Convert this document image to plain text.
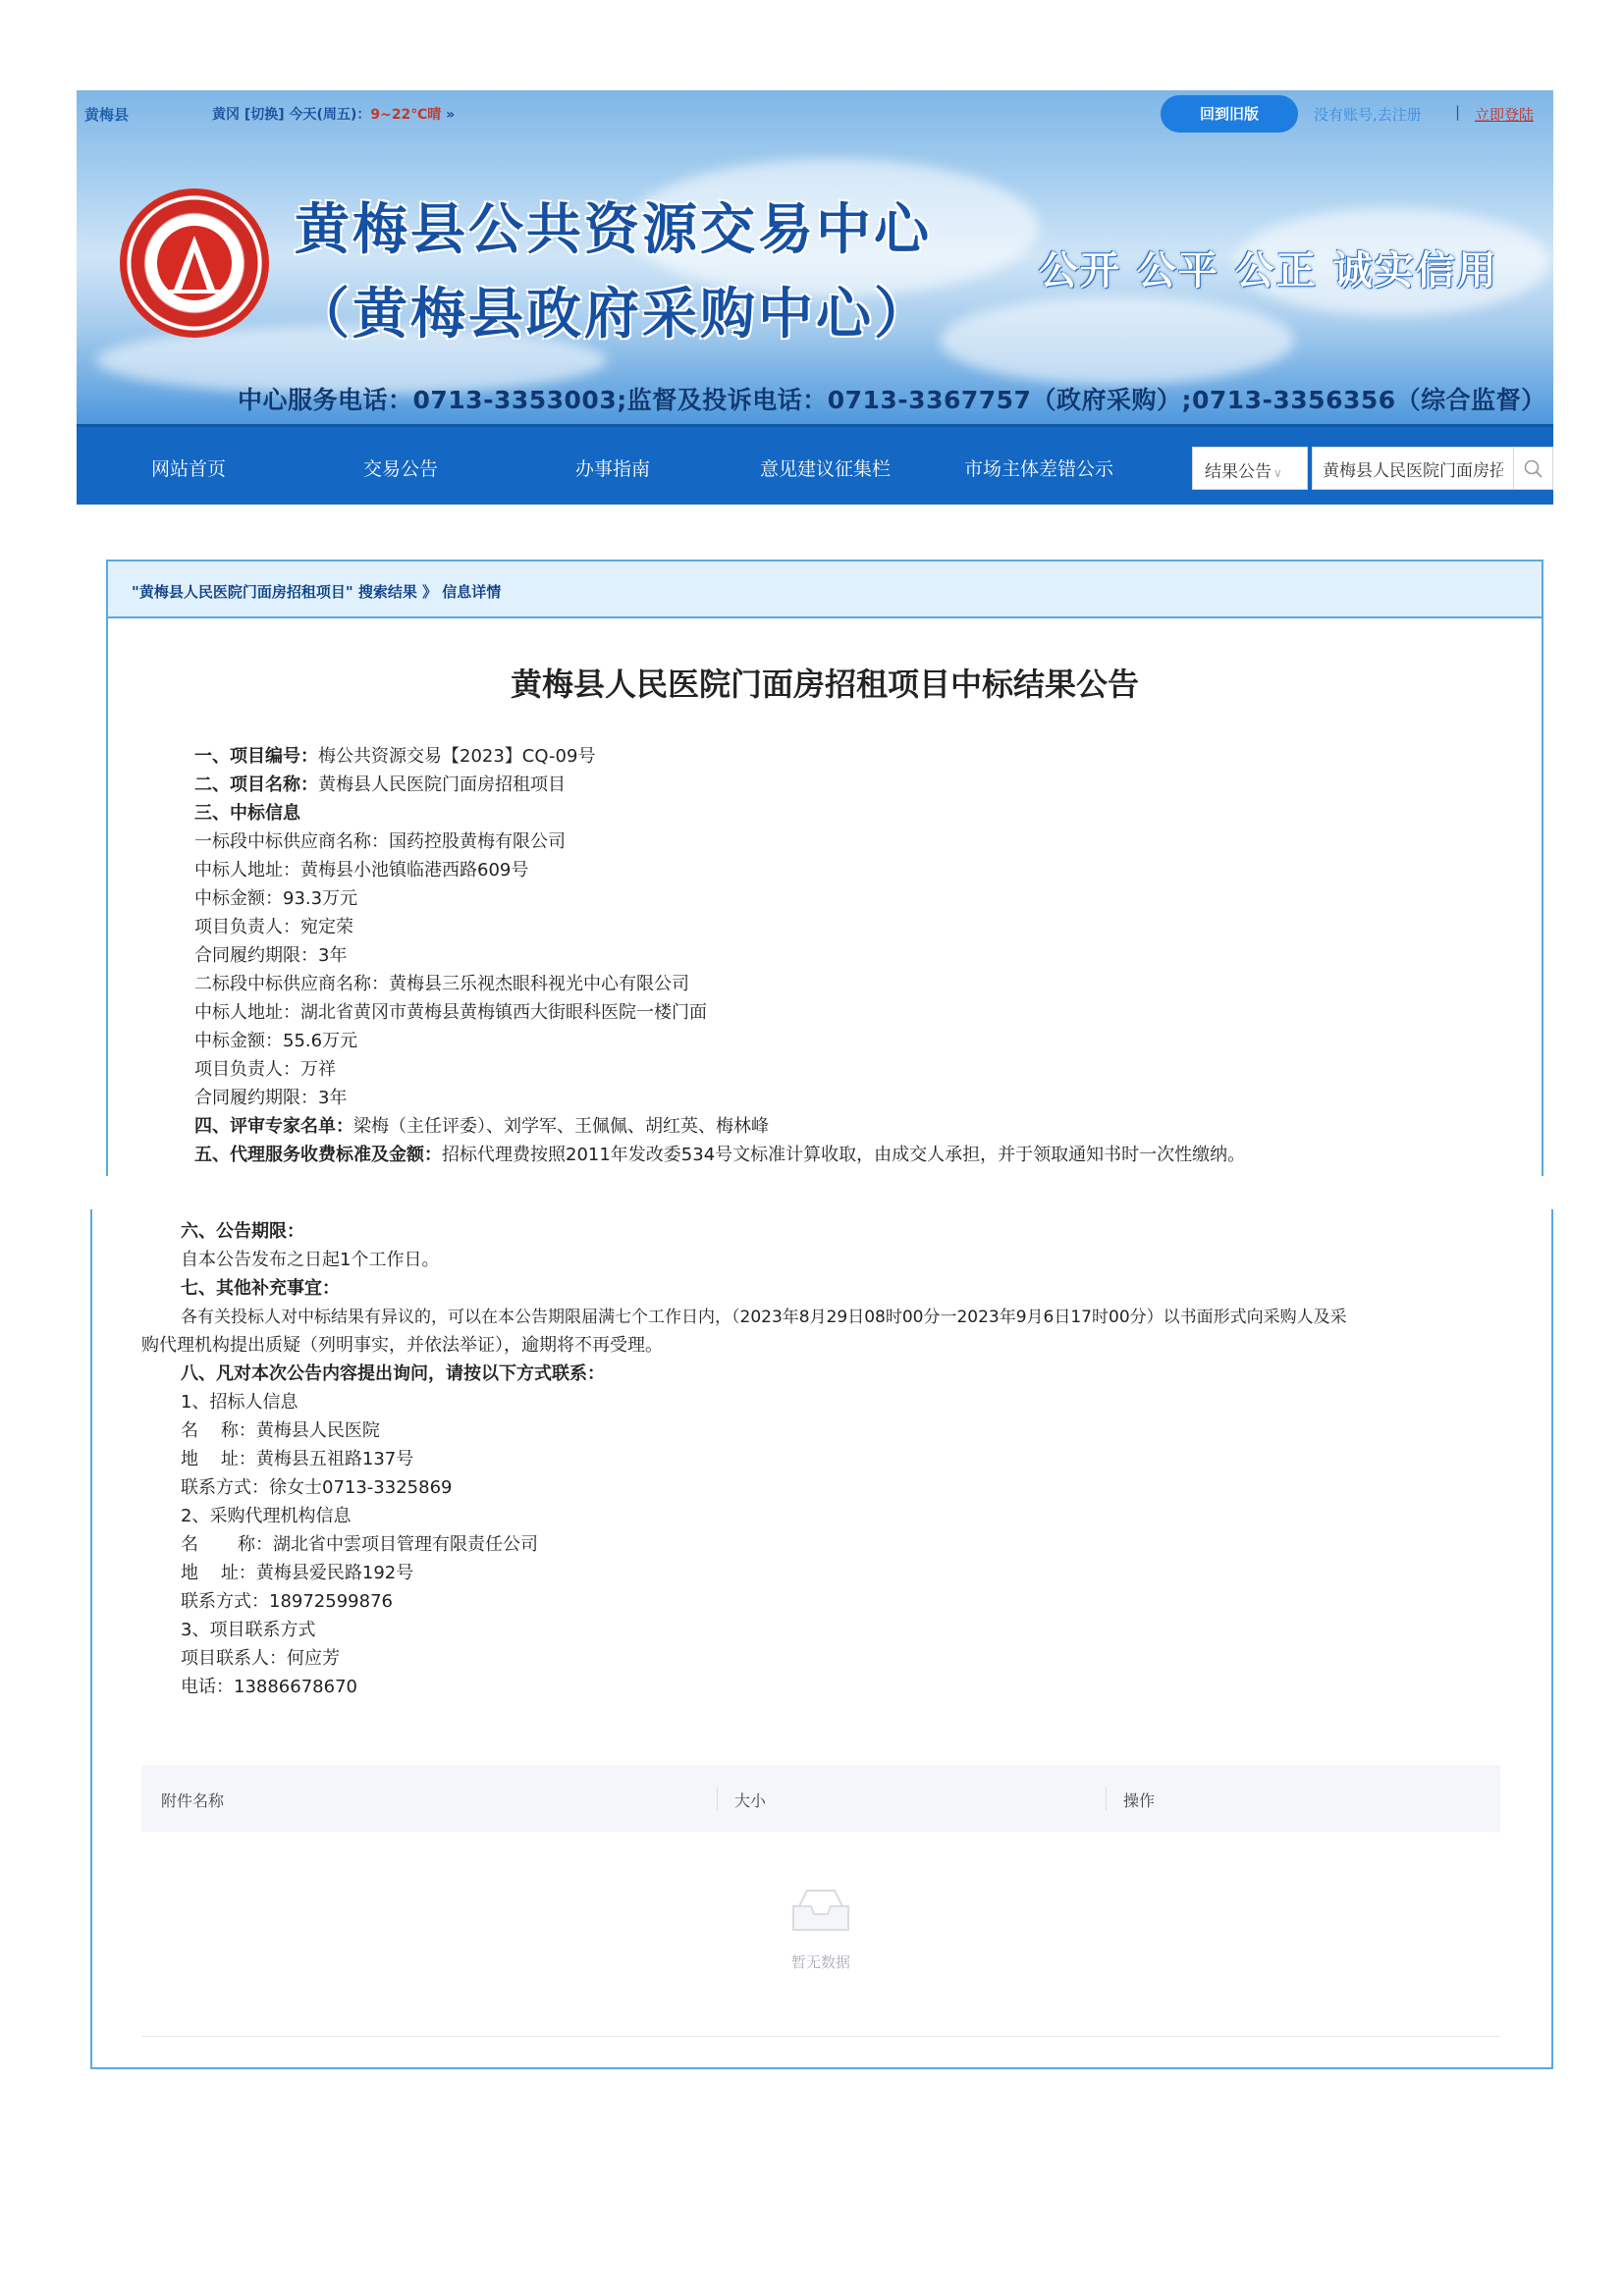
黄梅县	黄冈 [切换] 今天(周五)：9~22℃晴 »	回到旧版	没有账号,去注册 | 立即登陆
黄梅县公共资源交易中心
（黄梅县政府采购中心）
公开 公平 公正 诚实信用
中心服务电话：0713-3353003;监督及投诉电话：0713-3367757（政府采购）;0713-3356356（综合监督）
网站首页	交易公告	办事指南	意见建议征集栏	市场主体差错公示	结果公告 ∨
黄梅县人民医院门面房招租项目
"黄梅县人民医院门面房招租项目" 搜索结果 》 信息详情
黄梅县人民医院门面房招租项目中标结果公告
一、项目编号：梅公共资源交易【2023】CQ-09号
二、项目名称：黄梅县人民医院门面房招租项目
三、中标信息
一标段中标供应商名称：国药控股黄梅有限公司
中标人地址：黄梅县小池镇临港西路609号
中标金额：93.3万元
项目负责人：宛定荣
合同履约期限：3年
二标段中标供应商名称：黄梅县三乐视杰眼科视光中心有限公司
中标人地址：湖北省黄冈市黄梅县黄梅镇西大街眼科医院一楼门面
中标金额：55.6万元
项目负责人：万祥
合同履约期限：3年
四、评审专家名单：梁梅（主任评委）、刘学军、王佩佩、胡红英、梅林峰
五、代理服务收费标准及金额：招标代理费按照2011年发改委534号文标准计算收取，由成交人承担，并于领取通知书时一次性缴纳。
六、公告期限：
自本公告发布之日起1个工作日。
七、其他补充事宜：
各有关投标人对中标结果有异议的，可以在本公告期限届满七个工作日内，（2023年8月29日08时00分一2023年9月6日17时00分）以书面形式向采购人及采
购代理机构提出质疑（列明事实，并依法举证），逾期将不再受理。
八、凡对本次公告内容提出询问，请按以下方式联系：
1、招标人信息
名    称：黄梅县人民医院
地    址：黄梅县五祖路137号
联系方式：徐女士0713-3325869
2、采购代理机构信息
名       称：湖北省中雲项目管理有限责任公司
地    址：黄梅县爱民路192号
联系方式：18972599876
3、项目联系方式
项目联系人：何应芳
电话：13886678670
附件名称	大小	操作
暂无数据
